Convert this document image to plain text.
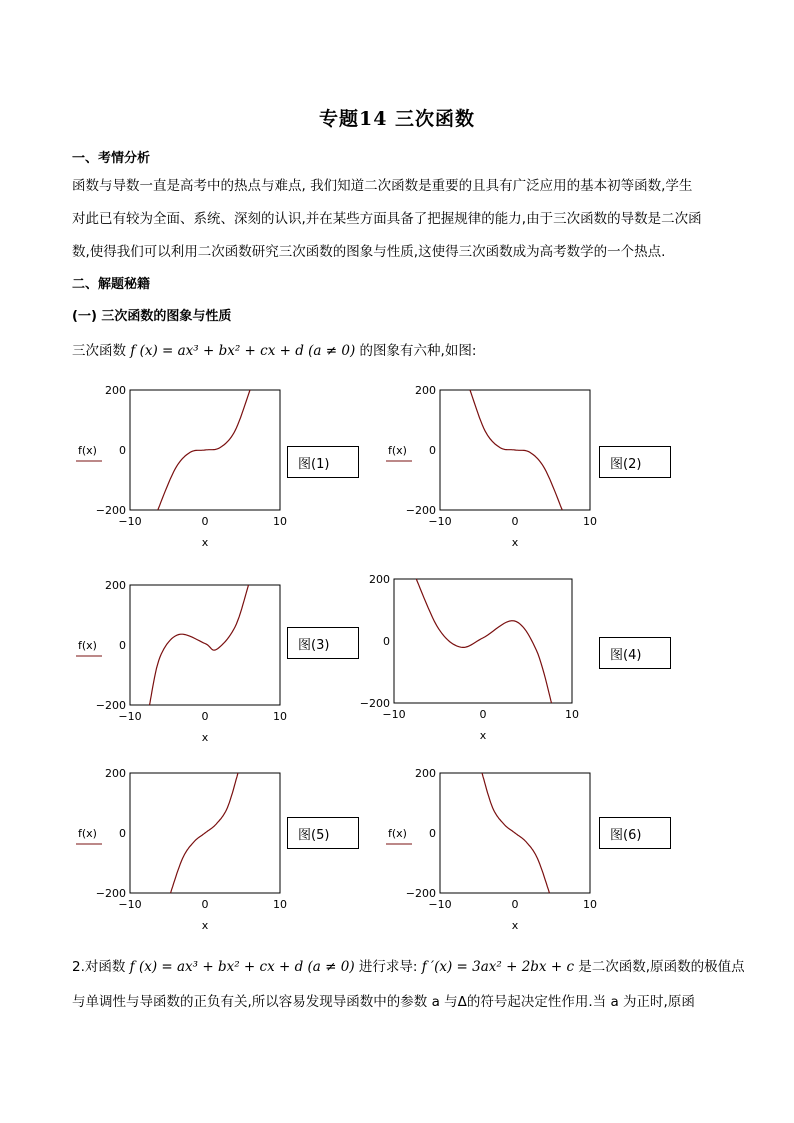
专题14 三次函数
一、考情分析
函数与导数一直是高考中的热点与难点, 我们知道二次函数是重要的且具有广泛应用的基本初等函数,学生
对此已有较为全面、系统、深刻的认识,并在某些方面具备了把握规律的能力,由于三次函数的导数是二次函
数,使得我们可以利用二次函数研究三次函数的图象与性质,这使得三次函数成为高考数学的一个热点.
二、解题秘籍
(一) 三次函数的图象与性质
三次函数 f (x) = ax³ + bx² + cx + d (a ≠ 0) 的图象有六种,如图:
200
0
−200
−10	0	10
x
f(x)
200
0
−200
−10	0	10
x
f(x)
200
0
−200
−10	0	10
x
f(x)
200
0
−200
−10	0	10
x
200
0
−200
−10	0	10
x
f(x)
200
0
−200
−10	0	10
x
f(x)
图(1)	图(2)
图(3)
图(4)
图(5)	图(6)
2.对函数 f (x) = ax³ + bx² + cx + d (a ≠ 0) 进行求导: f ′(x) = 3ax² + 2bx + c 是二次函数,原函数的极值点
与单调性与导函数的正负有关,所以容易发现导函数中的参数 a 与Δ的符号起决定性作用.当 a 为正时,原函
